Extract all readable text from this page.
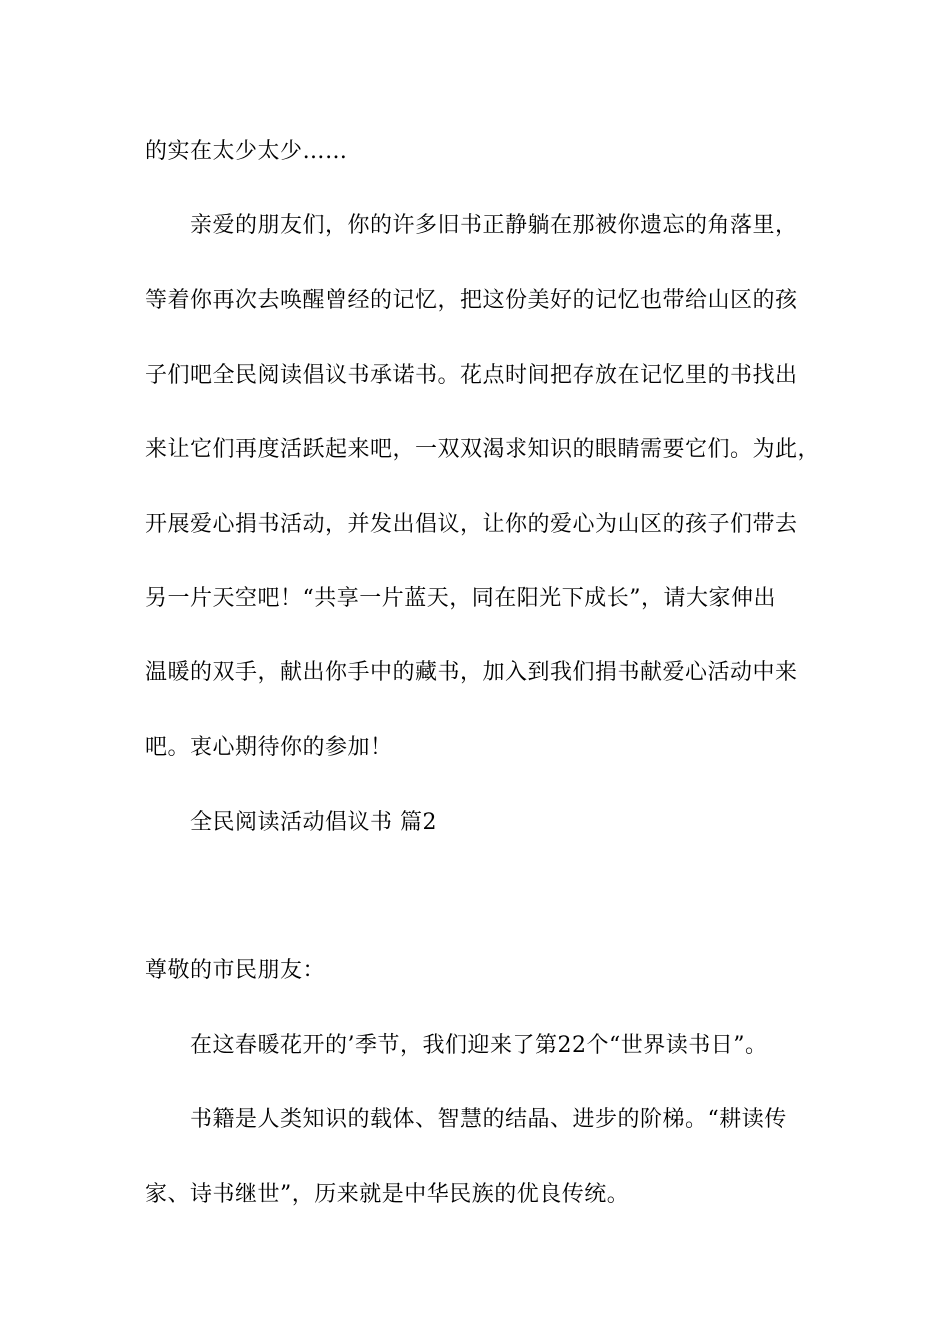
的实在太少太少……
亲爱的朋友们，你的许多旧书正静躺在那被你遗忘的角落里，
等着你再次去唤醒曾经的记忆，把这份美好的记忆也带给山区的孩
子们吧全民阅读倡议书承诺书。花点时间把存放在记忆里的书找出
来让它们再度活跃起来吧，一双双渴求知识的眼睛需要它们。为此，
开展爱心捐书活动，并发出倡议，让你的爱心为山区的孩子们带去
另一片天空吧！“共享一片蓝天，同在阳光下成长”，请大家伸出
温暖的双手，献出你手中的藏书，加入到我们捐书献爱心活动中来
吧。衷心期待你的参加！
全民阅读活动倡议书 篇2
尊敬的市民朋友：
在这春暖花开的’季节，我们迎来了第22个“世界读书日”。
书籍是人类知识的载体、智慧的结晶、进步的阶梯。“耕读传
家、诗书继世”，历来就是中华民族的优良传统。
